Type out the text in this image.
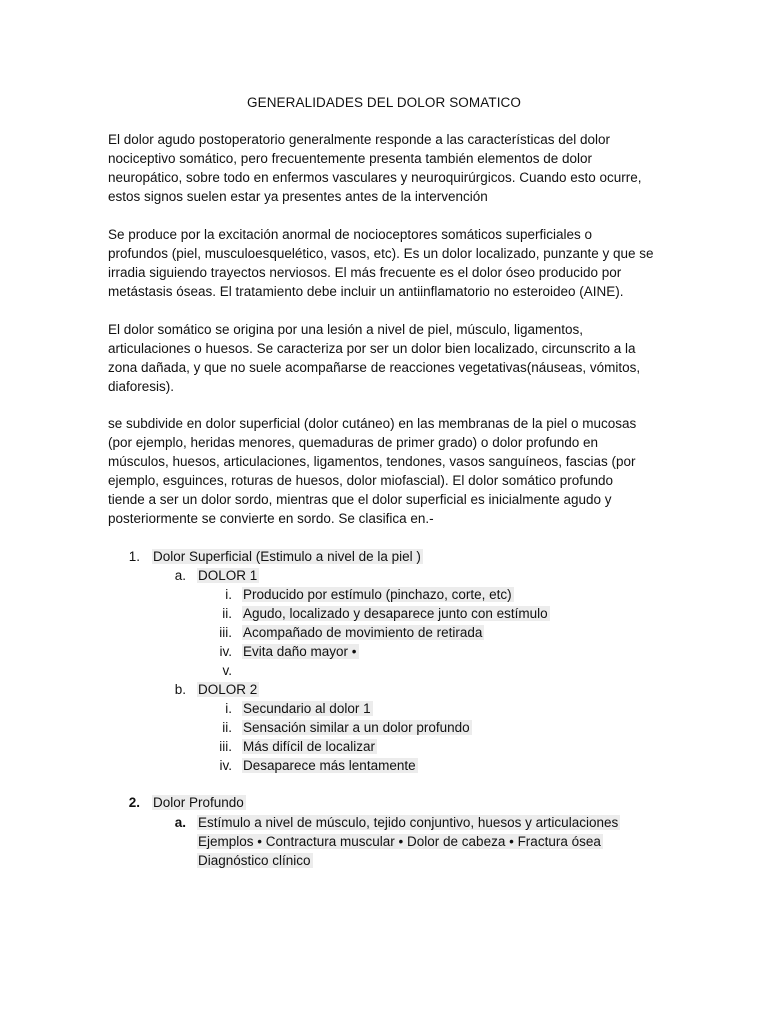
GENERALIDADES DEL DOLOR SOMATICO
El dolor agudo postoperatorio generalmente responde a las características del dolor
nociceptivo somático, pero frecuentemente presenta también elementos de dolor
neuropático, sobre todo en enfermos vasculares y neuroquirúrgicos. Cuando esto ocurre,
estos signos suelen estar ya presentes antes de la intervención
Se produce por la excitación anormal de nocioceptores somáticos superficiales o
profundos (piel, musculoesquelético, vasos, etc). Es un dolor localizado, punzante y que se
irradia siguiendo trayectos nerviosos. El más frecuente es el dolor óseo producido por
metástasis óseas. El tratamiento debe incluir un antiinflamatorio no esteroideo (AINE).
El dolor somático se origina por una lesión a nivel de piel, músculo, ligamentos,
articulaciones o huesos. Se caracteriza por ser un dolor bien localizado, circunscrito a la
zona dañada, y que no suele acompañarse de reacciones vegetativas(náuseas, vómitos,
diaforesis).
se subdivide en dolor superficial (dolor cutáneo) en las membranas de la piel o mucosas
(por ejemplo, heridas menores, quemaduras de primer grado) o dolor profundo en
músculos, huesos, articulaciones, ligamentos, tendones, vasos sanguíneos, fascias (por
ejemplo, esguinces, roturas de huesos, dolor miofascial). El dolor somático profundo
tiende a ser un dolor sordo, mientras que el dolor superficial es inicialmente agudo y
posteriormente se convierte en sordo. Se clasifica en.-
1. Dolor Superficial (Estimulo a nivel de la piel )
a. DOLOR 1
i. Producido por estímulo (pinchazo, corte, etc)
ii. Agudo, localizado y desaparece junto con estímulo
iii. Acompañado de movimiento de retirada
iv. Evita daño mayor •
v.
b. DOLOR 2
i. Secundario al dolor 1
ii. Sensación similar a un dolor profundo
iii. Más difícil de localizar
iv. Desaparece más lentamente
2. Dolor Profundo
a. Estímulo a nivel de músculo, tejido conjuntivo, huesos y articulaciones
Ejemplos • Contractura muscular • Dolor de cabeza • Fractura ósea
Diagnóstico clínico
